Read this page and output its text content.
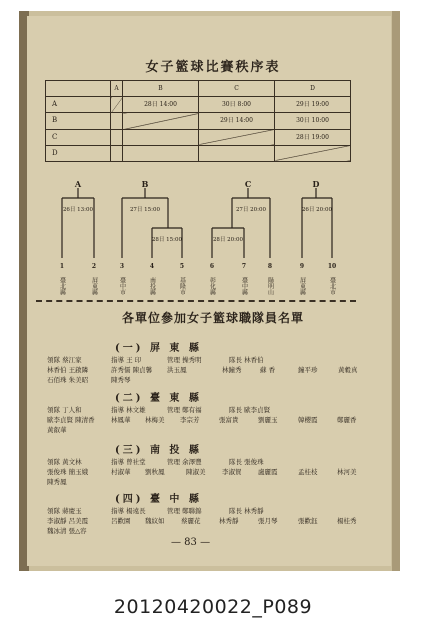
女子籃球比賽秩序表
	A	B	C	D
A		28日 14:00	30日 8:00	29日 19:00
B			29日 14:00	30日 10:00
C				28日 19:00
D				
A	B	C	D
26日 13:00	27日 15:00
28日 15:00
27日 20:00
28日 20:00
26日 20:00
1	2	3	4	5	6	7	8	9	10
臺北縣	屏東縣	臺中市	南投縣	基隆市	彰化縣	臺中縣	陽明山	屏東縣	臺北市
各單位參加女子籃球職隊員名單
(一) 屏 東 縣
領隊 蔡江家	指導 王 印	管理 操秀明	隊長 林香伯
林香伯 王啟隣	許秀儒 陳貞馨 洪玉鳳	林鐘秀	蘇 香	鐘平珍	黃穀真
石佰珠 朱美昭	陳秀琴
(二) 臺 東 縣
領隊 丁人和	指導 林文雄	管理 鄭有福	隊長 歐李貞賢
歐李貞賢 陳清香	林鳳華 林梅美 李宗芳	張富貴	劉麗玉	韓櫻霞	鄭麗香
黃叡華
(三) 南 投 縣
領隊 黃文林	指導 曾社堂	管理 余澤豐	隊長 張俊珠
張俊珠 簡玉娥	村淑華 劉秋鳳	陳淑美	李淑賀	盧麗霞	孟桂枝	林河美
陳秀鳳
(四) 臺 中 縣
領隊 蔣慶玉	指導 楊遠長	管理 鄭聯錦	隊長 林秀靜
李淑靜 呂美霞	呂歡園 魏紋如	蔡麗花	林秀靜	張月琴	張歡鈺	楊桂秀
魏冰清 張△容
— 83 —
20120420022_P089
